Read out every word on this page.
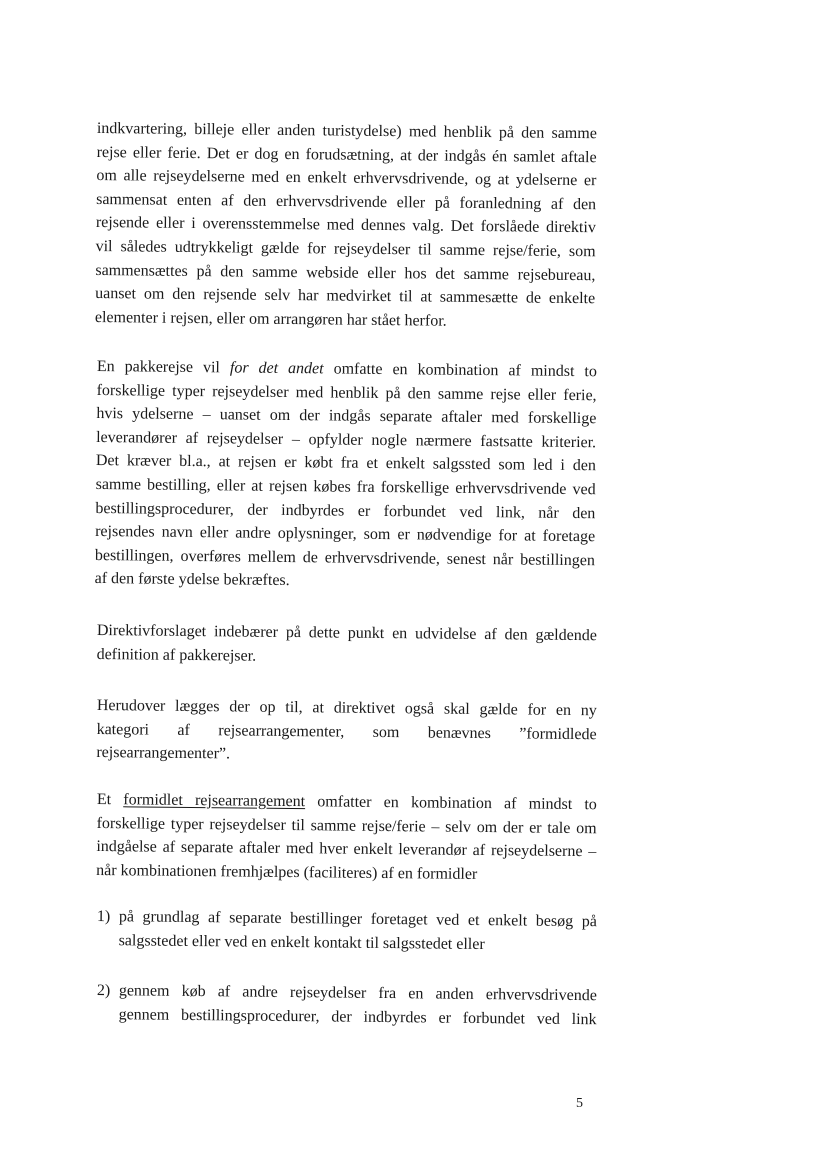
indkvartering, billeje eller anden turistydelse) med henblik på den samme
rejse eller ferie. Det er dog en forudsætning, at der indgås én samlet aftale
om alle rejseydelserne med en enkelt erhvervsdrivende, og at ydelserne er
sammensat enten af den erhvervsdrivende eller på foranledning af den
rejsende eller i overensstemmelse med dennes valg. Det forslåede direktiv
vil således udtrykkeligt gælde for rejseydelser til samme rejse/ferie, som
sammensættes på den samme webside eller hos det samme rejsebureau,
uanset om den rejsende selv har medvirket til at sammesætte de enkelte
elementer i rejsen, eller om arrangøren har stået herfor.
En pakkerejse vil for det andet omfatte en kombination af mindst to
forskellige typer rejseydelser med henblik på den samme rejse eller ferie,
hvis ydelserne – uanset om der indgås separate aftaler med forskellige
leverandører af rejseydelser – opfylder nogle nærmere fastsatte kriterier.
Det kræver bl.a., at rejsen er købt fra et enkelt salgssted som led i den
samme bestilling, eller at rejsen købes fra forskellige erhvervsdrivende ved
bestillingsprocedurer, der indbyrdes er forbundet ved link, når den
rejsendes navn eller andre oplysninger, som er nødvendige for at foretage
bestillingen, overføres mellem de erhvervsdrivende, senest når bestillingen
af den første ydelse bekræftes.
Direktivforslaget indebærer på dette punkt en udvidelse af den gældende
definition af pakkerejser.
Herudover lægges der op til, at direktivet også skal gælde for en ny
kategori af rejsearrangementer, som benævnes ”formidlede
rejsearrangementer”.
Et formidlet rejsearrangement omfatter en kombination af mindst to
forskellige typer rejseydelser til samme rejse/ferie – selv om der er tale om
indgåelse af separate aftaler med hver enkelt leverandør af rejseydelserne –
når kombinationen fremhjælpes (faciliteres) af en formidler
1) på grundlag af separate bestillinger foretaget ved et enkelt besøg på
salgsstedet eller ved en enkelt kontakt til salgsstedet eller
2) gennem køb af andre rejseydelser fra en anden erhvervsdrivende
gennem bestillingsprocedurer, der indbyrdes er forbundet ved link
5
